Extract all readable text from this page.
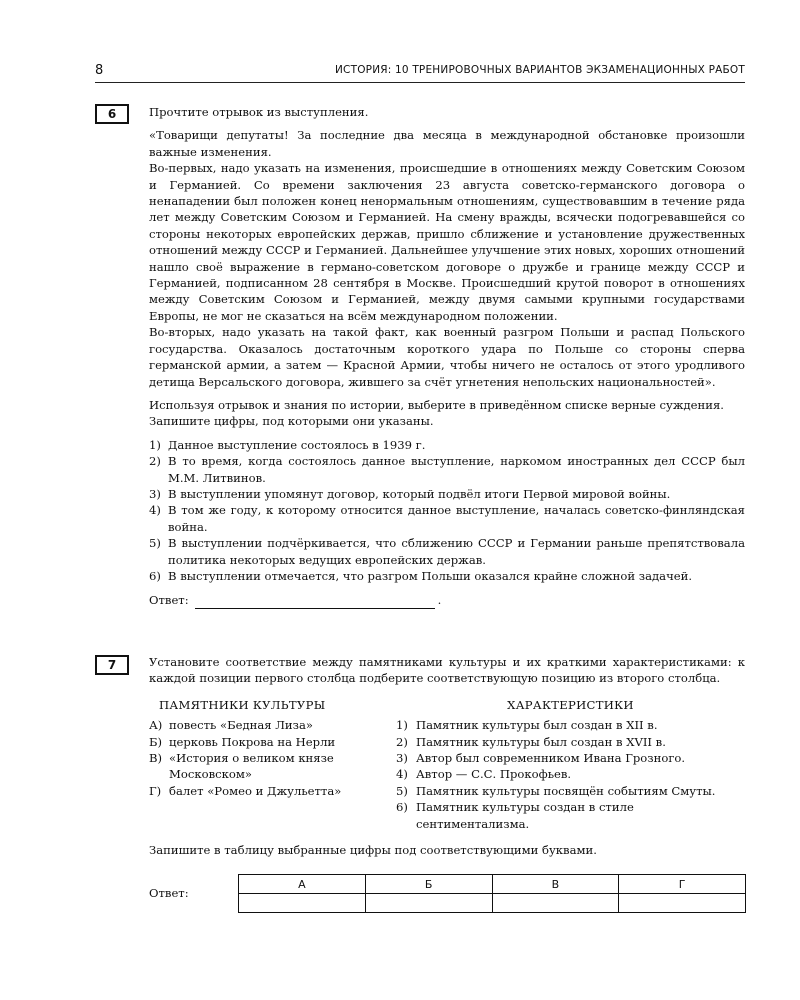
8	ИСТОРИЯ: 10 ТРЕНИРОВОЧНЫХ ВАРИАНТОВ ЭКЗАМЕНАЦИОННЫХ РАБОТ
6	Прочтите отрывок из выступления.

«Товарищи депутаты! За последние два месяца в международной обстановке произошли важные изменения.

Во-первых, надо указать на изменения, происшедшие в отношениях между Советским Союзом и Германией. Со времени заключения 23 августа советско-германского договора о ненападении был положен конец ненормальным отношениям, существовавшим в течение ряда лет между Советским Союзом и Германией. На смену вражды, всячески подогревавшейся со стороны некоторых европейских держав, пришло сближение и установление дружественных отношений между СССР и Германией. Дальнейшее улучшение этих новых, хороших отношений нашло своё выражение в германо-советском договоре о дружбе и границе между СССР и Германией, подписанном 28 сентября в Москве. Происшедший крутой поворот в отношениях между Советским Союзом и Германией, между двумя самыми крупными государствами Европы, не мог не сказаться на всём международном положении.

Во-вторых, надо указать на такой факт, как военный разгром Польши и распад Польского государства. Оказалось достаточным короткого удара по Польше со стороны сперва германской армии, а затем — Красной Армии, чтобы ничего не осталось от этого уродливого детища Версальского договора, жившего за счёт угнетения непольских национальностей».

Используя отрывок и знания по истории, выберите в приведённом списке верные суждения.

Запишите цифры, под которыми они указаны.

1) Данное выступление состоялось в 1939 г.
2) В то время, когда состоялось данное выступление, наркомом иностранных дел СССР был М.М. Литвинов.
3) В выступлении упомянут договор, который подвёл итоги Первой мировой войны.
4) В том же году, к которому относится данное выступление, началась советско-финляндская война.
5) В выступлении подчёркивается, что сближению СССР и Германии раньше препятствовала политика некоторых ведущих европейских держав.
6) В выступлении отмечается, что разгром Польши оказался крайне сложной задачей.
Ответ:	.
7	Установите соответствие между памятниками культуры и их краткими характеристиками: к каждой позиции первого столбца подберите соответствующую позицию из второго столбца.

ПАМЯТНИКИ КУЛЬТУРЫ
А) повесть «Бедная Лиза»
Б) церковь Покрова на Нерли
В) «История о великом князе Московском»
Г) балет «Ромео и Джульетта»
ХАРАКТЕРИСТИКИ
1) Памятник культуры был создан в XII в.
2) Памятник культуры был создан в XVII в.
3) Автор был современником Ивана Грозного.
4) Автор — С.С. Прокофьев.
5) Памятник культуры посвящён событиям Смуты.
6) Памятник культуры создан в стиле сентиментализма.

Запишите в таблицу выбранные цифры под соответствующими буквами.

Ответ:
А	Б	В	Г
